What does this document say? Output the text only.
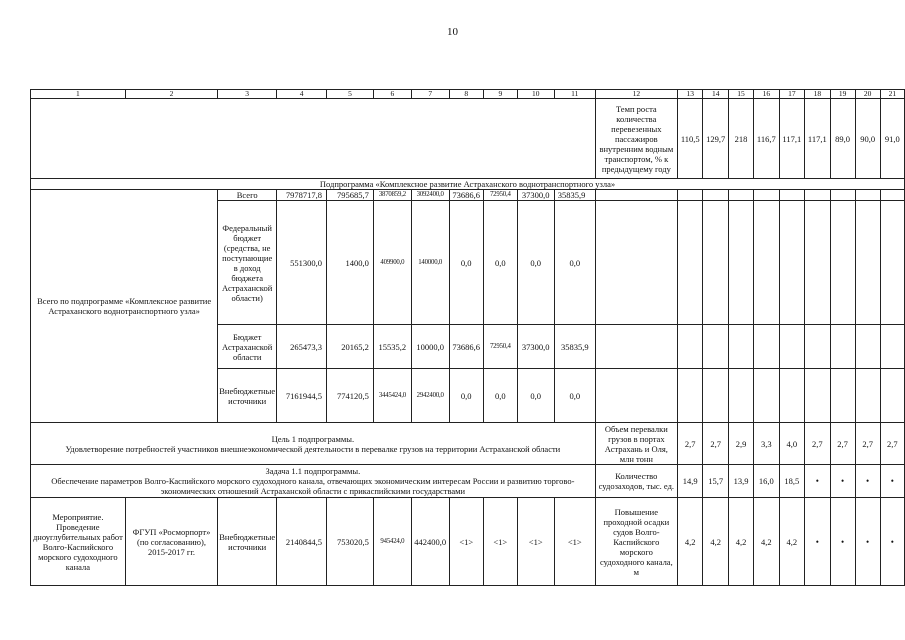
10
1	2	3	4	5	6	7	8	9	10	11	12	13	14	15	16	17	18	19	20	21
											Темп роста количества перевезенных пассажиров внутренним водным транспортом, % к предыдущему году	110,5	129,7	218	116,7	117,1	117,1	89,0	90,0	91,0
Подпрограмма «Комплексное развитие Астраханского воднотранспортного узла»																				
Всего по подпрограмме «Комплексное развитие Астраханского воднотранспортного узла»		Всего	7978717,8	795685,7	3870859,2	3092400,0	73686,6	72950,4	37300,0	35835,9										
		Федеральный бюджет (средства, не поступающие в доход бюджета Астраханской области)	551300,0	1400,0	409900,0	140000,0	0,0	0,0	0,0	0,0										
		Бюджет Астраханской области	265473,3	20165,2	15535,2	10000,0	73686,6	72950,4	37300,0	35835,9										
		Внебюджетные источники	7161944,5	774120,5	3445424,0	2942400,0	0,0	0,0	0,0	0,0										

Цель 1 подпрограммы.
Удовлетворение потребностей участников внешнеэкономической деятельности в перевалке грузов на территории Астраханской области											Объем перевалки грузов в портах Астрахань и Оля, млн тонн	2,7	2,7	2,9	3,3	4,0	2,7	2,7	2,7	2,7

Задача 1.1 подпрограммы.
Обеспечение параметров Волго-Каспийского морского судоходного канала, отвечающих экономическим интересам России и развитию торгово-экономических отношений Астраханской области с прикаспийскими государствами											Количество судозаходов, тыс. ед.	14,9	15,7	13,9	16,0	18,5	•	•	•	•
Мероприятие. Проведение дноуглубительных работ Волго-Каспийского морского судоходного канала	ФГУП «Росморпорт» (по согласованию), 2015-2017 гг.	Внебюджетные источники	2140844,5	753020,5	945424,0	442400,0	<1>	<1>	<1>	<1>	Повышение проходной осадки судов Волго-Каспийского морского судоходного канала, м	4,2	4,2	4,2	4,2	4,2	•	•	•	•
